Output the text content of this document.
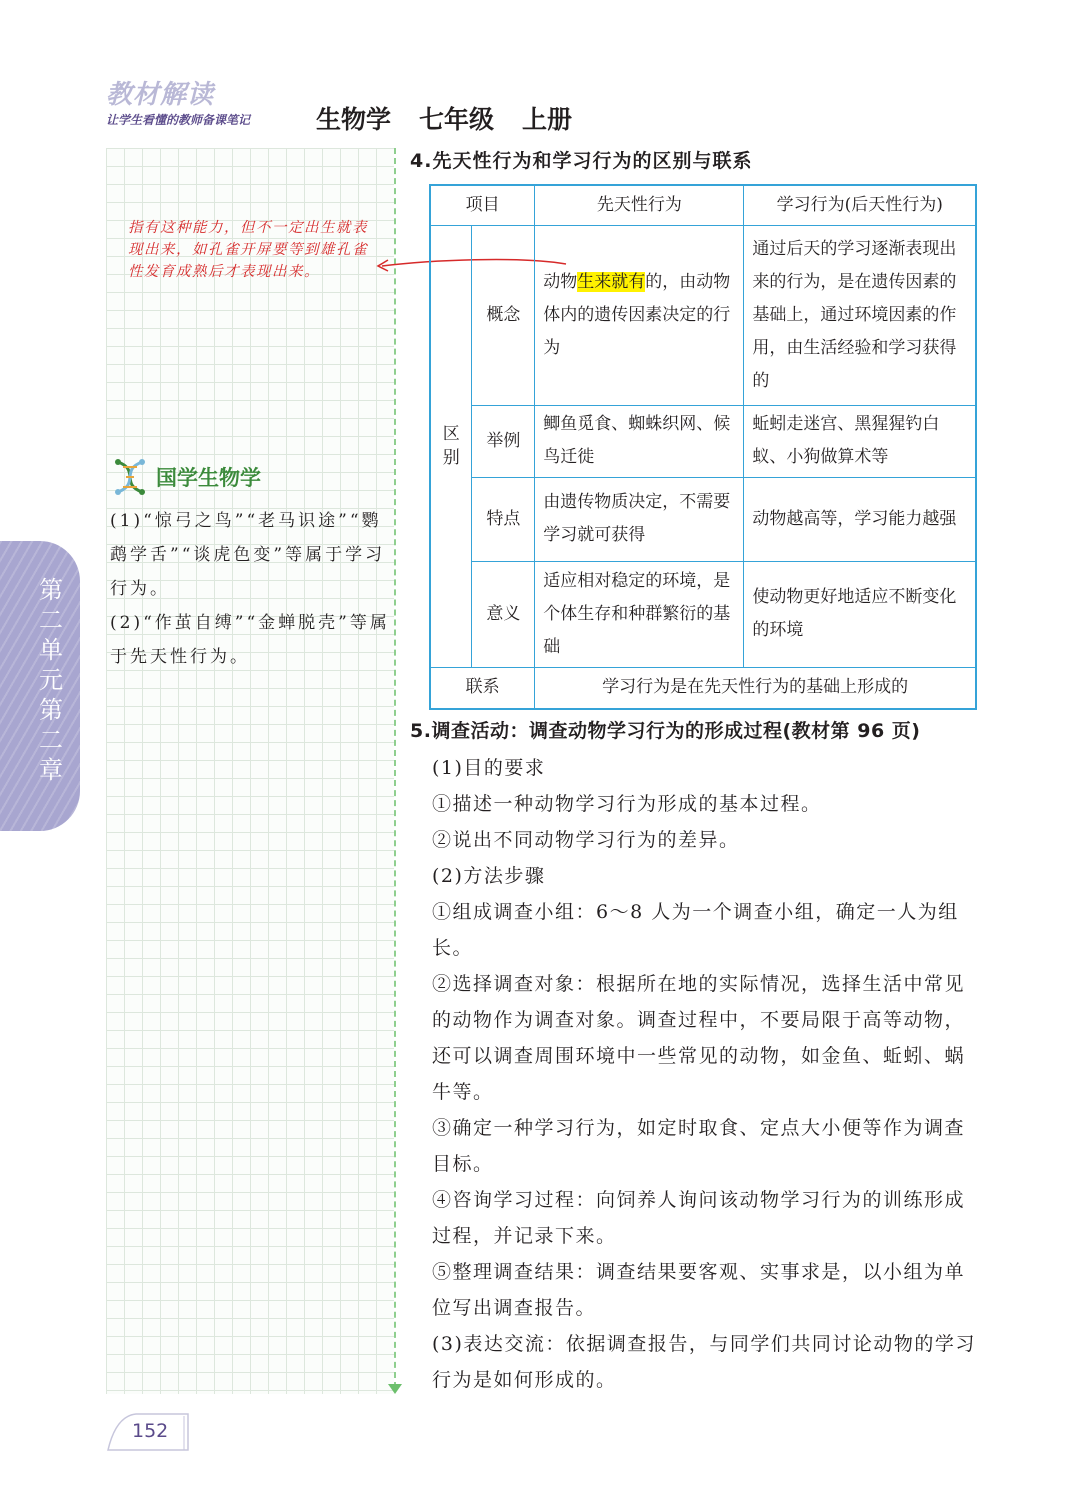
教材解读
让学生看懂的教师备课笔记	生物学 七年级 上册
指有这种能力，但不一定出生就表现出来，如孔雀开屏要等到雄孔雀性发育成熟后才表现出来。
国学生物学

(1)“惊弓之鸟”“老马识途”“鹦鹉学舌”“谈虎色变”等属于学习行为。

(2)“作茧自缚”“金蝉脱壳”等属于先天性行为。

第二单元 第二章
4.先天性行为和学习行为的区别与联系
项目		先天性行为	学习行为(后天性行为)
区别	概念	动物生来就有的，由动物体内的遗传因素决定的行为	通过后天的学习逐渐表现出来的行为，是在遗传因素的基础上，通过环境因素的作用，由生活经验和学习获得的
	举例	鲫鱼觅食、蜘蛛织网、候鸟迁徙	蚯蚓走迷宫、黑猩猩钓白蚁、小狗做算术等
	特点	由遗传物质决定，不需要学习就可获得	动物越高等，学习能力越强
	意义	适应相对稳定的环境，是个体生存和种群繁衍的基础	使动物更好地适应不断变化的环境
联系		学习行为是在先天性行为的基础上形成的	
5.调查活动：调查动物学习行为的形成过程(教材第 96 页)

(1)目的要求

①描述一种动物学习行为形成的基本过程。

②说出不同动物学习行为的差异。

(2)方法步骤

①组成调查小组：6～8 人为一个调查小组，确定一人为组长。

②选择调查对象：根据所在地的实际情况，选择生活中常见的动物作为调查对象。调查过程中，不要局限于高等动物，还可以调查周围环境中一些常见的动物，如金鱼、蚯蚓、蜗牛等。

③确定一种学习行为，如定时取食、定点大小便等作为调查目标。

④咨询学习过程：向饲养人询问该动物学习行为的训练形成过程，并记录下来。

⑤整理调查结果：调查结果要客观、实事求是，以小组为单位写出调查报告。

(3)表达交流：依据调查报告，与同学们共同讨论动物的学习行为是如何形成的。

152
